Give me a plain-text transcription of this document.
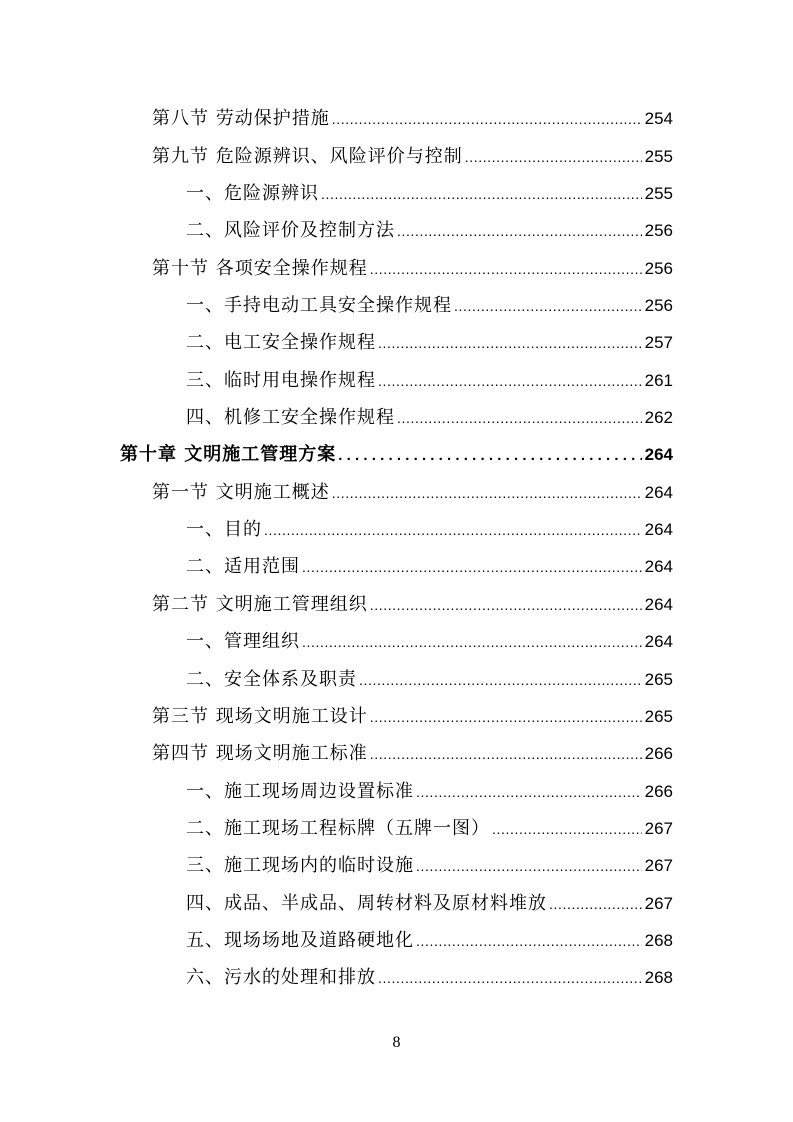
第八节 劳动保护措施 .....	254
第九节 危险源辨识、风险评价与控制 .....	255
一、危险源辨识 .....	255
二、风险评价及控制方法 .....	256
第十节 各项安全操作规程 .....	256
一、手持电动工具安全操作规程 .....	256
二、电工安全操作规程 .....	257
三、临时用电操作规程 .....	261
四、机修工安全操作规程 .....	262
第十章 文明施工管理方案 .....	264
第一节 文明施工概述 .....	264
一、目的 .....	264
二、适用范围 .....	264
第二节 文明施工管理组织 .....	264
一、管理组织 .....	264
二、安全体系及职责 .....	265
第三节 现场文明施工设计 .....	265
第四节 现场文明施工标准 .....	266
一、施工现场周边设置标准 .....	266
二、施工现场工程标牌（五牌一图） .....	267
三、施工现场内的临时设施 .....	267
四、成品、半成品、周转材料及原材料堆放 .....	267
五、现场场地及道路硬地化 .....	268
六、污水的处理和排放 .....	268
8
